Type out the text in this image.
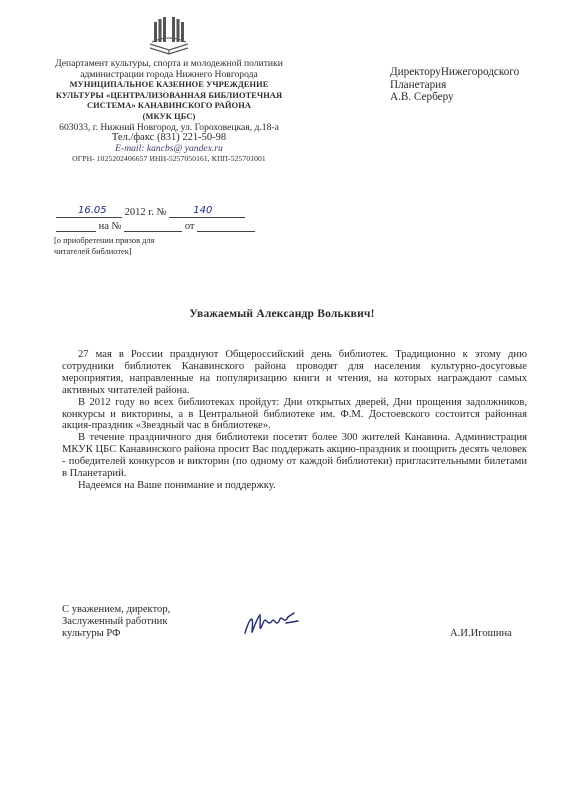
Департамент культуры, спорта и молодежной политики администрации города Нижнего Новгорода
МУНИЦИПАЛЬНОЕ КАЗЕННОЕ УЧРЕЖДЕНИЕ КУЛЬТУРЫ «ЦЕНТРАЛИЗОВАННАЯ БИБЛИОТЕЧНАЯ СИСТЕМА» КАНАВИНСКОГО РАЙОНА
(МКУК ЦБС)
603033, г. Нижний Новгород, ул. Гороховецкая, д.18-а
Тел./факс (831) 221-50-98
E-mail: kancbs@ yandex.ru
ОГРН- 1025202406657 ИНН-5257050161, КПП-525701001
ДиректоруНижегородского
Планетария
А.В. Серберу
16.05 2012 г. №	140
на №	от
[о приобретении призов для
читателей библиотек]
Уважаемый Александр Вольквич!

27 мая в России празднуют Общероссийский день библиотек. Традиционно к этому дню сотрудники библиотек Канавинского района проводят для населения культурно-досуговые мероприятия, направленные на популяризацию книги и чтения, на которых награждают самых активных читателей района.

В 2012 году во всех библиотеках пройдут: Дни открытых дверей, Дни прощения задолжников, конкурсы и викторины, а в Центральной библиотеке им. Ф.М. Достоевского состоится районная акция-праздник «Звездный час в библиотеке».

В течение праздничного дня библиотеки посетят более 300 жителей Канавина. Администрация МКУК ЦБС Канавинского района просит Вас поддержать акцию-праздник и поощрить десять человек - победителей конкурсов и викторин (по одному от каждой библиотеки) пригласительными билетами в Планетарий.

Надеемся на Ваше понимание и поддержку.

С уважением, директор,
Заслуженный работник
культуры РФ	А.И.Игошина
